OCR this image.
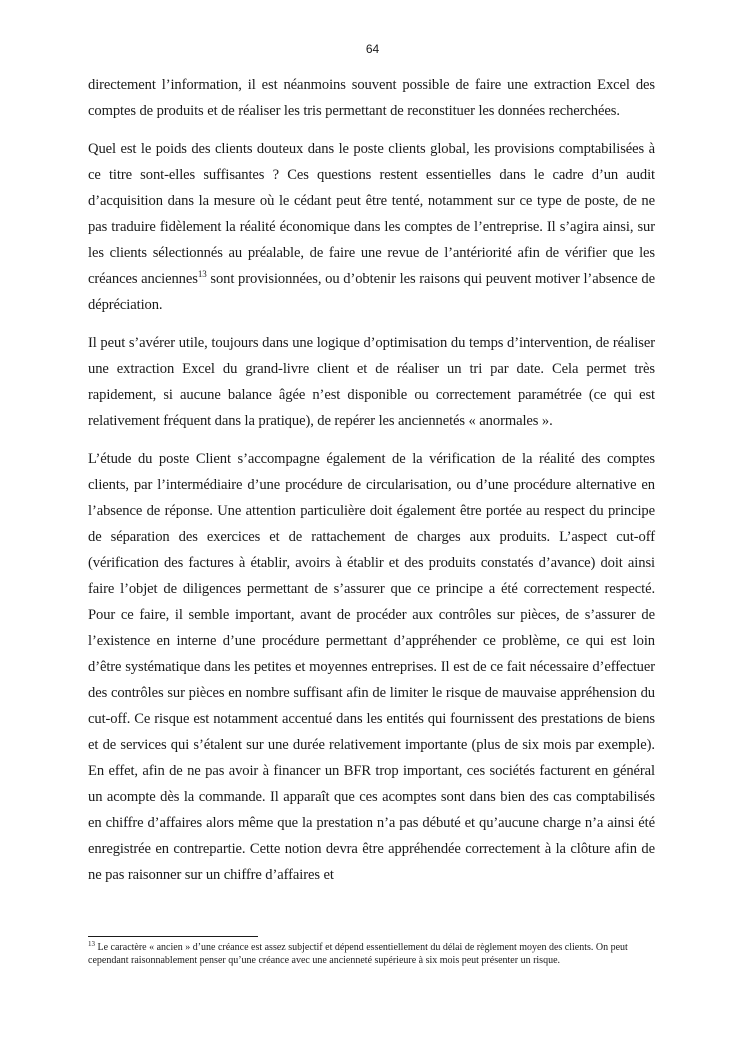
64

directement l’information, il est néanmoins souvent possible de faire une extraction Excel des comptes de produits et de réaliser les tris permettant de reconstituer les données recherchées.

Quel est le poids des clients douteux dans le poste clients global, les provisions comptabilisées à ce titre sont-elles suffisantes ? Ces questions restent essentielles dans le cadre d’un audit d’acquisition dans la mesure où le cédant peut être tenté, notamment sur ce type de poste, de ne pas traduire fidèlement la réalité économique dans les comptes de l’entreprise. Il s’agira ainsi, sur les clients sélectionnés au préalable, de faire une revue de l’antériorité afin de vérifier que les créances anciennes$^{13}$ sont provisionnées, ou d’obtenir les raisons qui peuvent motiver l’absence de dépréciation.

Il peut s’avérer utile, toujours dans une logique d’optimisation du temps d’intervention, de réaliser une extraction Excel du grand-livre client et de réaliser un tri par date. Cela permet très rapidement, si aucune balance âgée n’est disponible ou correctement paramétrée (ce qui est relativement fréquent dans la pratique), de repérer les anciennetés « anormales ».

L’étude du poste Client s’accompagne également de la vérification de la réalité des comptes clients, par l’intermédiaire d’une procédure de circularisation, ou d’une procédure alternative en l’absence de réponse. Une attention particulière doit également être portée au respect du principe de séparation des exercices et de rattachement de charges aux produits. L’aspect cut-off (vérification des factures à établir, avoirs à établir et des produits constatés d’avance) doit ainsi faire l’objet de diligences permettant de s’assurer que ce principe a été correctement respecté. Pour ce faire, il semble important, avant de procéder aux contrôles sur pièces, de s’assurer de l’existence en interne d’une procédure permettant d’appréhender ce problème, ce qui est loin d’être systématique dans les petites et moyennes entreprises. Il est de ce fait nécessaire d’effectuer des contrôles sur pièces en nombre suffisant afin de limiter le risque de mauvaise appréhension du cut-off. Ce risque est notamment accentué dans les entités qui fournissent des prestations de biens et de services qui s’étalent sur une durée relativement importante (plus de six mois par exemple). En effet, afin de ne pas avoir à financer un BFR trop important, ces sociétés facturent en général un acompte dès la commande. Il apparaît que ces acomptes sont dans bien des cas comptabilisés en chiffre d’affaires alors même que la prestation n’a pas débuté et qu’aucune charge n’a ainsi été enregistrée en contrepartie. Cette notion devra être appréhendée correctement à la clôture afin de ne pas raisonner sur un chiffre d’affaires et

$^{13}$ Le caractère « ancien » d’une créance est assez subjectif et dépend essentiellement du délai de règlement moyen des clients. On peut cependant raisonnablement penser qu’une créance avec une ancienneté supérieure à six mois peut présenter un risque.
